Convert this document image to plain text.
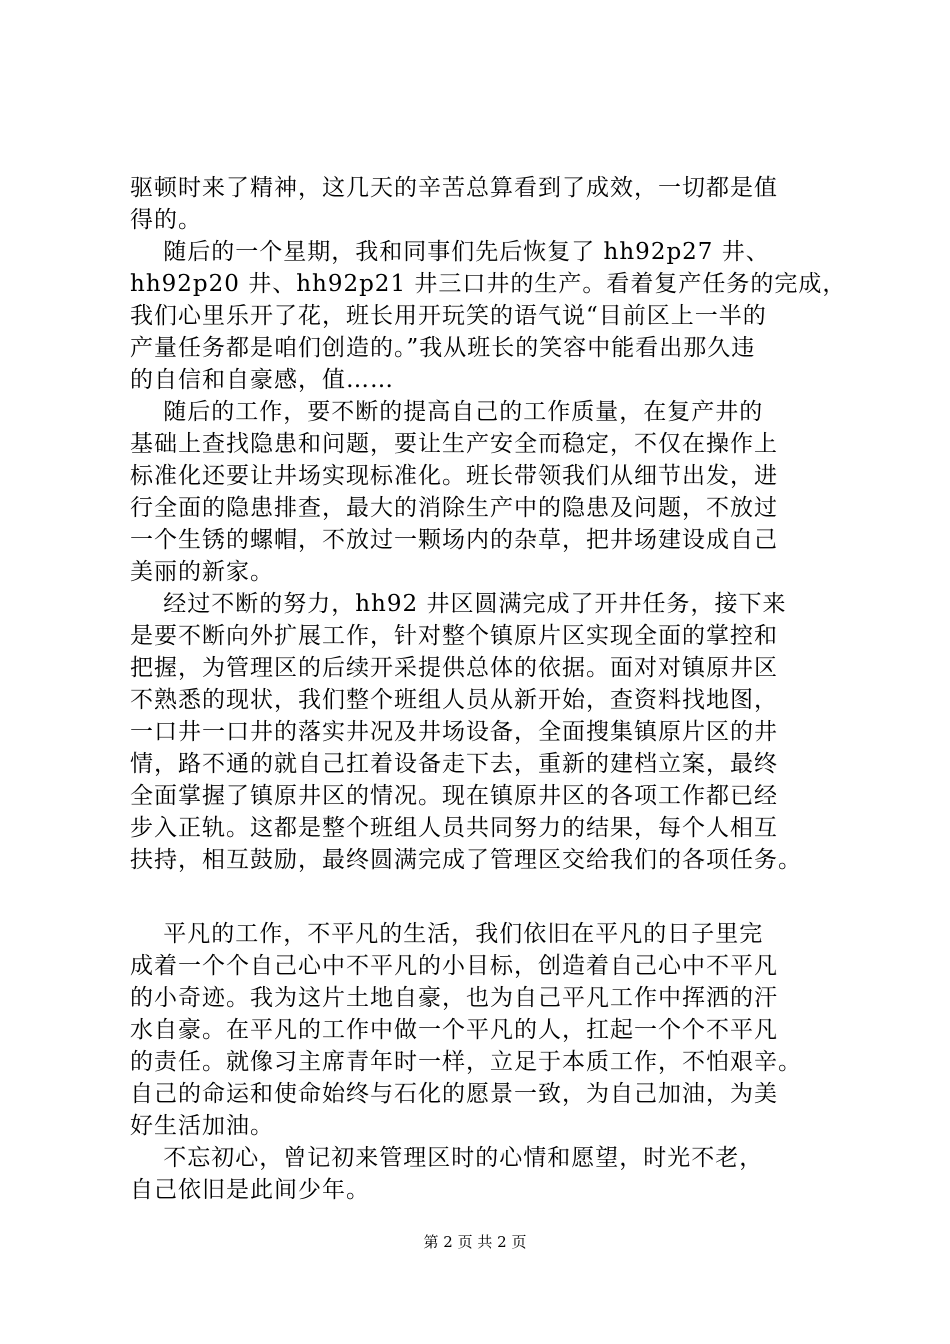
驱顿时来了精神，这几天的辛苦总算看到了成效，一切都是值

得的。

随后的一个星期，我和同事们先后恢复了 hh92p27 井、

hh92p20 井、hh92p21 井三口井的生产。看着复产任务的完成，

我们心里乐开了花，班长用开玩笑的语气说“目前区上一半的

产量任务都是咱们创造的。”我从班长的笑容中能看出那久违

的自信和自豪感，值……

随后的工作，要不断的提高自己的工作质量，在复产井的

基础上查找隐患和问题，要让生产安全而稳定，不仅在操作上

标准化还要让井场实现标准化。班长带领我们从细节出发，进

行全面的隐患排查，最大的消除生产中的隐患及问题，不放过

一个生锈的螺帽，不放过一颗场内的杂草，把井场建设成自己

美丽的新家。

经过不断的努力，hh92 井区圆满完成了开井任务，接下来

是要不断向外扩展工作，针对整个镇原片区实现全面的掌控和

把握，为管理区的后续开采提供总体的依据。面对对镇原井区

不熟悉的现状，我们整个班组人员从新开始，查资料找地图，

一口井一口井的落实井况及井场设备，全面搜集镇原片区的井

情，路不通的就自己扛着设备走下去，重新的建档立案，最终

全面掌握了镇原井区的情况。现在镇原井区的各项工作都已经

步入正轨。这都是整个班组人员共同努力的结果，每个人相互

扶持，相互鼓励，最终圆满完成了管理区交给我们的各项任务。

平凡的工作，不平凡的生活，我们依旧在平凡的日子里完

成着一个个自己心中不平凡的小目标，创造着自己心中不平凡

的小奇迹。我为这片土地自豪，也为自己平凡工作中挥洒的汗

水自豪。在平凡的工作中做一个平凡的人，扛起一个个不平凡

的责任。就像习主席青年时一样，立足于本质工作，不怕艰辛。

自己的命运和使命始终与石化的愿景一致，为自己加油，为美

好生活加油。

不忘初心，曾记初来管理区时的心情和愿望，时光不老，

自己依旧是此间少年。

第 2 页 共 2 页
